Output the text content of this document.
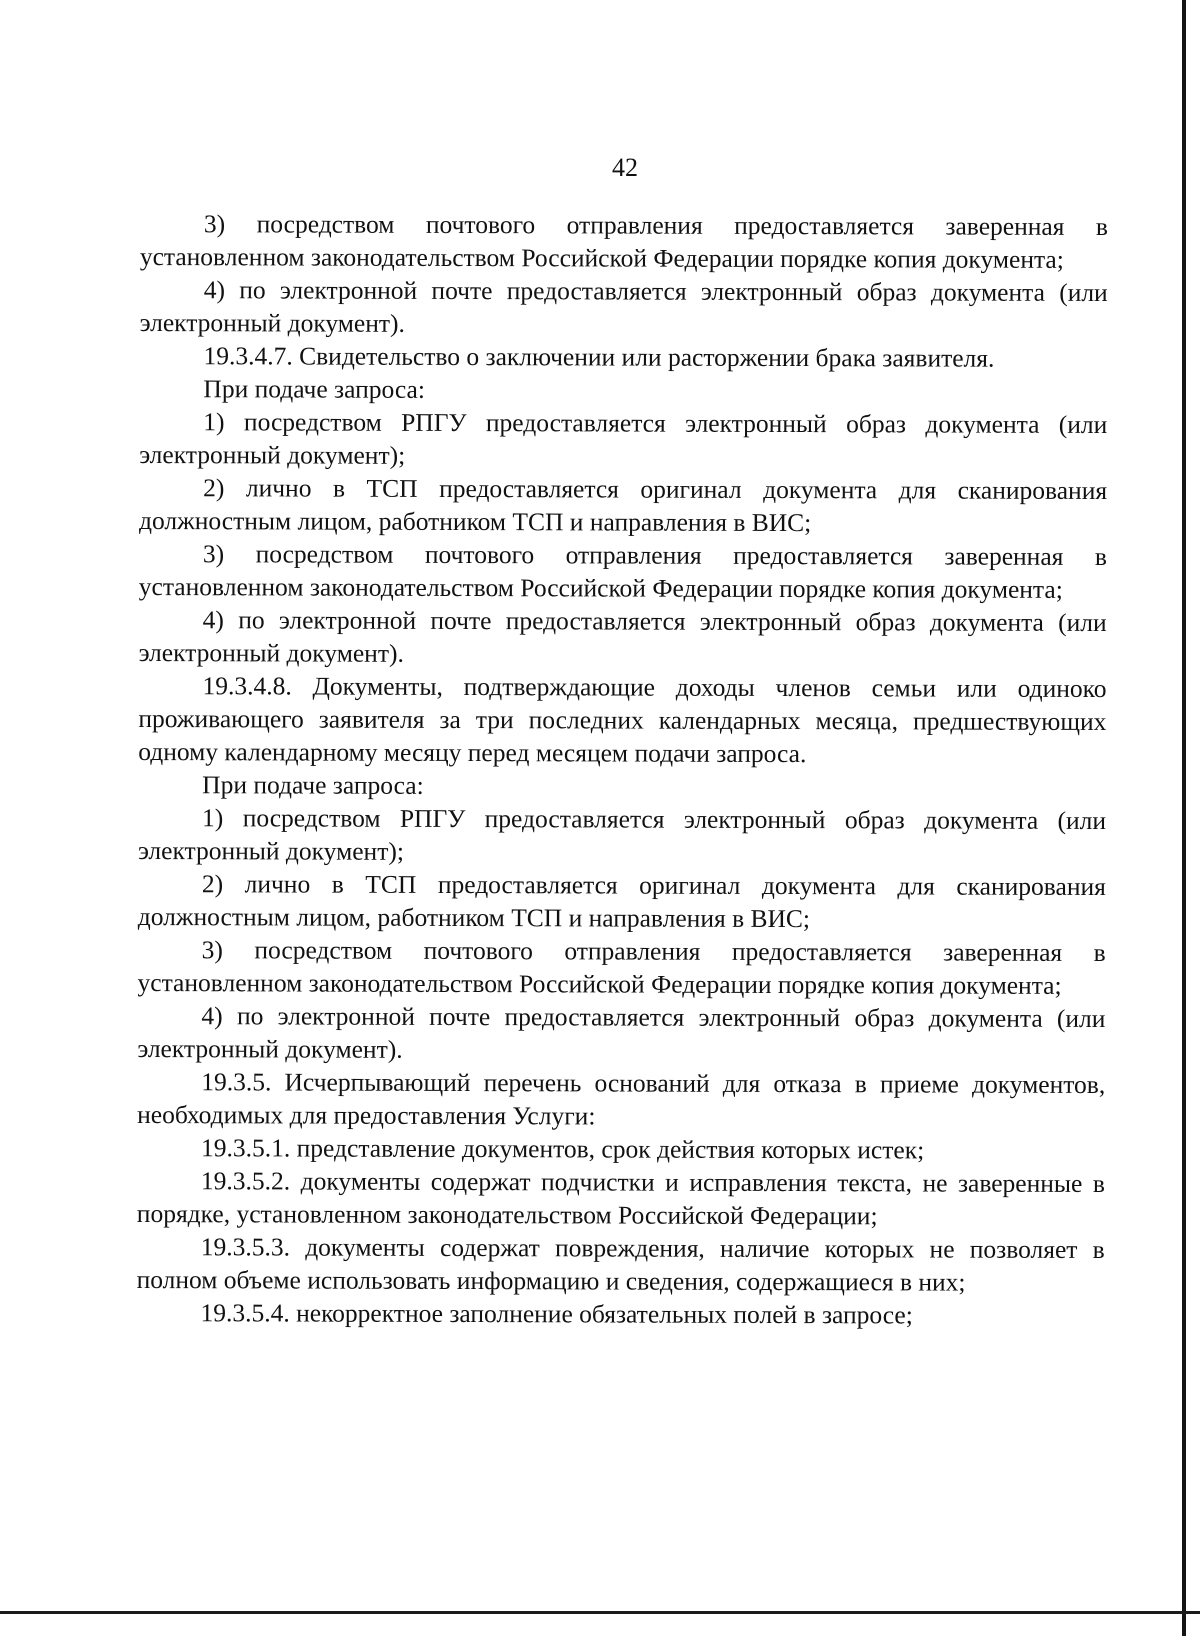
42

3) посредством почтового отправления предоставляется заверенная в установленном законодательством Российской Федерации порядке копия документа;

4) по электронной почте предоставляется электронный образ документа (или электронный документ).

19.3.4.7. Свидетельство о заключении или расторжении брака заявителя.

При подаче запроса:

1) посредством РПГУ предоставляется электронный образ документа (или электронный документ);

2) лично в ТСП предоставляется оригинал документа для сканирования должностным лицом, работником ТСП и направления в ВИС;

3) посредством почтового отправления предоставляется заверенная в установленном законодательством Российской Федерации порядке копия документа;

4) по электронной почте предоставляется электронный образ документа (или электронный документ).

19.3.4.8. Документы, подтверждающие доходы членов семьи или одиноко проживающего заявителя за три последних календарных месяца, предшествующих одному календарному месяцу перед месяцем подачи запроса.

При подаче запроса:

1) посредством РПГУ предоставляется электронный образ документа (или электронный документ);

2) лично в ТСП предоставляется оригинал документа для сканирования должностным лицом, работником ТСП и направления в ВИС;

3) посредством почтового отправления предоставляется заверенная в установленном законодательством Российской Федерации порядке копия документа;

4) по электронной почте предоставляется электронный образ документа (или электронный документ).

19.3.5. Исчерпывающий перечень оснований для отказа в приеме документов, необходимых для предоставления Услуги:

19.3.5.1. представление документов, срок действия которых истек;

19.3.5.2. документы содержат подчистки и исправления текста, не заверенные в порядке, установленном законодательством Российской Федерации;

19.3.5.3. документы содержат повреждения, наличие которых не позволяет в полном объеме использовать информацию и сведения, содержащиеся в них;

19.3.5.4. некорректное заполнение обязательных полей в запросе;
